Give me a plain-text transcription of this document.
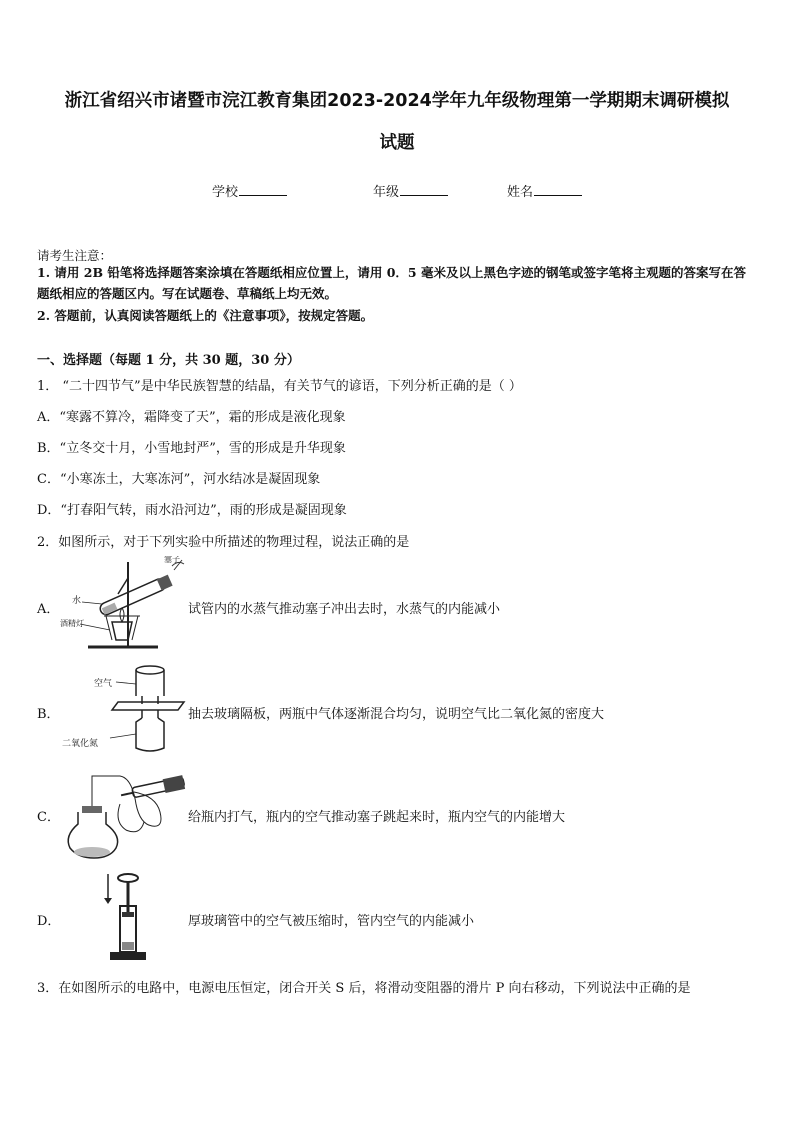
浙江省绍兴市诸暨市浣江教育集团2023-2024学年九年级物理第一学期期末调研模拟
试题
学校	年级	姓名
请考生注意：
1. 请用 2B 铅笔将选择题答案涂填在答题纸相应位置上，请用 0．5 毫米及以上黑色字迹的钢笔或签字笔将主观题的答案写在答题纸相应的答题区内。写在试题卷、草稿纸上均无效。
2. 答题前，认真阅读答题纸上的《注意事项》，按规定答题。
一、选择题（每题 1 分，共 30 题，30 分）
1． “二十四节气”是中华民族智慧的结晶，有关节气的谚语，下列分析正确的是（ ）
A．“寒露不算冷，霜降变了天”，霜的形成是液化现象
B．“立冬交十月，小雪地封严”，雪的形成是升华现象
C．“小寒冻土，大寒冻河”，河水结冰是凝固现象
D．“打春阳气转，雨水沿河边”，雨的形成是凝固现象
2．如图所示，对于下列实验中所描述的物理过程，说法正确的是
A．
水
塞子
酒精灯
试管内的水蒸气推动塞子冲出去时，水蒸气的内能减小
B．
空气
二氧化氮
抽去玻璃隔板，两瓶中气体逐渐混合均匀，说明空气比二氧化氮的密度大
C．	给瓶内打气，瓶内的空气推动塞子跳起来时，瓶内空气的内能增大
D．	厚玻璃管中的空气被压缩时，管内空气的内能减小
3．在如图所示的电路中，电源电压恒定，闭合开关 S 后，将滑动变阻器的滑片 P 向右移动，下列说法中正确的是
